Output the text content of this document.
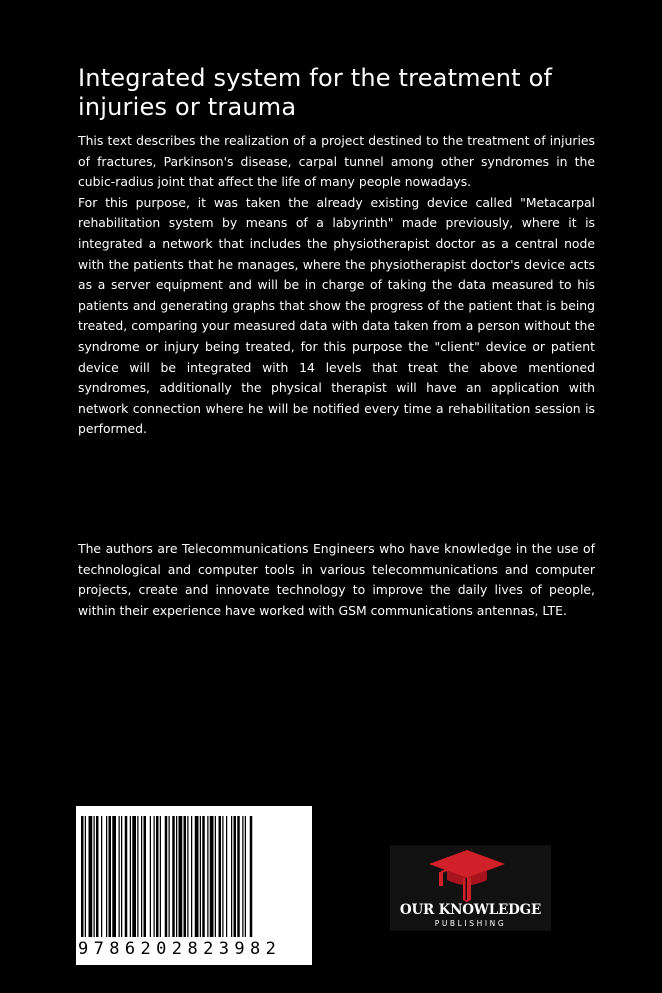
Integrated system for the treatment of injuries or trauma

This text describes the realization of a project destined to the treatment of injuries of fractures, Parkinson's disease, carpal tunnel among other syndromes in the cubic-radius joint that affect the life of many people nowadays.

For this purpose, it was taken the already existing device called "Metacarpal rehabilitation system by means of a labyrinth" made previously, where it is integrated a network that includes the physiotherapist doctor as a central node with the patients that he manages, where the physiotherapist doctor's device acts as a server equipment and will be in charge of taking the data measured to his patients and generating graphs that show the progress of the patient that is being treated, comparing your measured data with data taken from a person without the syndrome or injury being treated, for this purpose the "client" device or patient device will be integrated with 14 levels that treat the above mentioned syndromes, additionally the physical therapist will have an application with network connection where he will be notified every time a rehabilitation session is performed.

The authors are Telecommunications Engineers who have knowledge in the use of technological and computer tools in various telecommunications and computer projects, create and innovate technology to improve the daily lives of people, within their experience have worked with GSM communications antennas, LTE.

9786202823982
OUR KNOWLEDGE
PUBLISHING
